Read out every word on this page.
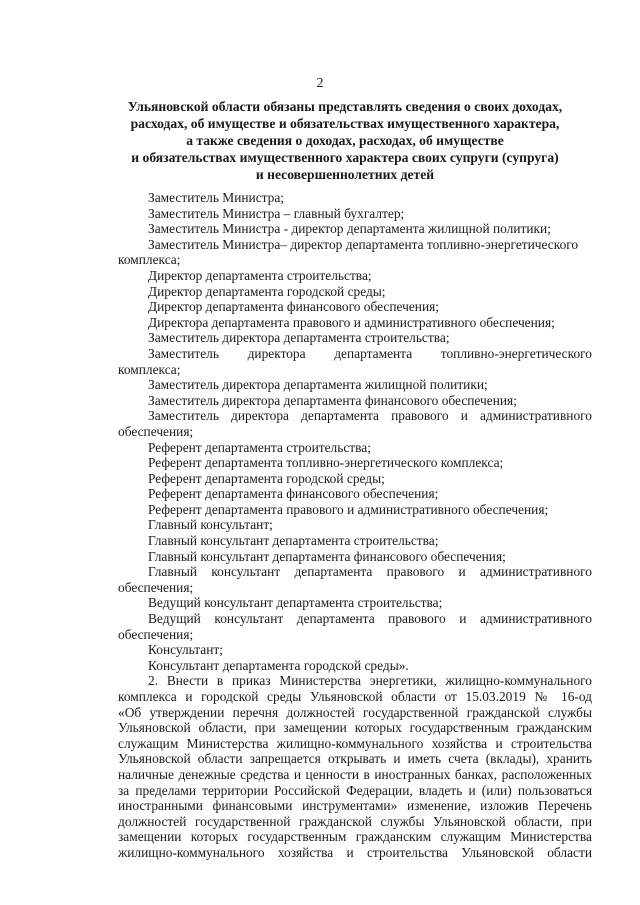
2
Ульяновской области обязаны представлять сведения о своих доходах,
расходах, об имуществе и обязательствах имущественного характера,
а также сведения о доходах, расходах, об имуществе
и обязательствах имущественного характера своих супруги (супруга)
и несовершеннолетних детей
Заместитель Министра;
Заместитель Министра – главный бухгалтер;
Заместитель Министра - директор департамента жилищной политики;
Заместитель Министра– директор департамента топливно-энергетического
комплекса;
Директор департамента строительства;
Директор департамента городской среды;
Директор департамента финансового обеспечения;
Директора департамента правового и административного обеспечения;
Заместитель директора департамента строительства;
Заместитель директора департамента топливно-энергетического
комплекса;
Заместитель директора департамента жилищной политики;
Заместитель директора департамента финансового обеспечения;
Заместитель директора департамента правового и административного
обеспечения;
Референт департамента строительства;
Референт департамента топливно-энергетического комплекса;
Референт департамента городской среды;
Референт департамента финансового обеспечения;
Референт департамента правового и административного обеспечения;
Главный консультант;
Главный консультант департамента строительства;
Главный консультант департамента финансового обеспечения;
Главный консультант департамента правового и административного
обеспечения;
Ведущий консультант департамента строительства;
Ведущий консультант департамента правового и административного
обеспечения;
Консультант;
Консультант департамента городской среды».
2. Внести в приказ Министерства энергетики, жилищно-коммунального
комплекса и городской среды Ульяновской области от 15.03.2019 № 16-од
«Об утверждении перечня должностей государственной гражданской службы
Ульяновской области, при замещении которых государственным гражданским
служащим Министерства жилищно-коммунального хозяйства и строительства
Ульяновской области запрещается открывать и иметь счета (вклады), хранить
наличные денежные средства и ценности в иностранных банках, расположенных
за пределами территории Российской Федерации, владеть и (или) пользоваться
иностранными финансовыми инструментами» изменение, изложив Перечень
должностей государственной гражданской службы Ульяновской области, при
замещении которых государственным гражданским служащим Министерства
жилищно-коммунального хозяйства и строительства Ульяновской области
